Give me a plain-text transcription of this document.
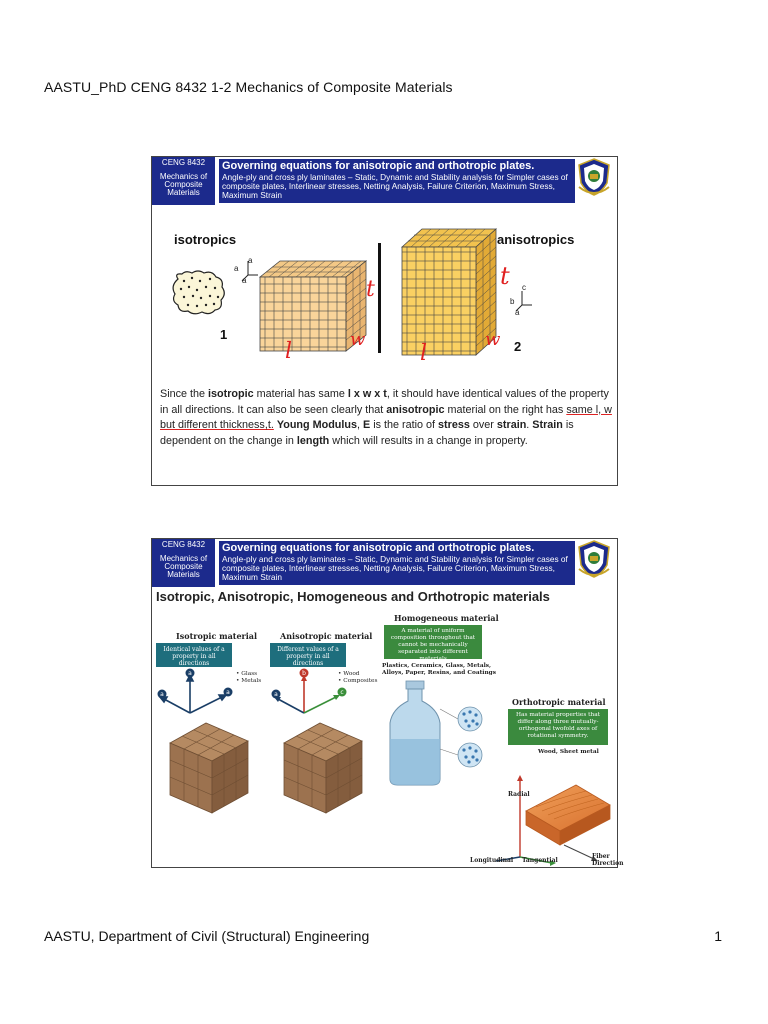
AASTU_PhD CENG 8432 1-2 Mechanics of Composite Materials
AASTU, Department of Civil (Structural) Engineering	1
CENG 8432
Mechanics of Composite Materials
Governing equations for anisotropic and orthotropic plates.
Angle-ply and cross ply laminates – Static, Dynamic and Stability analysis for Simpler cases of composite plates, Interlinear stresses, Netting Analysis, Failure Criterion, Maximum Stress, Maximum Strain
isotropics	anisotropics
a
a
a	t
l	w
1
t
l
w 2
c
b
a
Since the isotropic material has same l x w x t, it should have identical values of the property in all directions. It can also be seen clearly that anisotropic material on the right has same l, w but different thickness,t. Young Modulus, E is the ratio of stress over strain. Strain is dependent on the change in length which will results in a change in property.
CENG 8432
Mechanics of Composite Materials
Governing equations for anisotropic and orthotropic plates.
Angle-ply and cross ply laminates – Static, Dynamic and Stability analysis for Simpler cases of composite plates, Interlinear stresses, Netting Analysis, Failure Criterion, Maximum Stress, Maximum Strain
Isotropic, Anisotropic, Homogeneous and Orthotropic materials
Isotropic material
Identical values of a property in all directions
• Glass
• Metals
a
a	a
Anisotropic material
Different values of a property in all directions
• Wood
• Composites
b
a	c
Homogeneous material
A material of uniform composition throughout that cannot be mechanically separated into different materials
Plastics, Ceramics, Glass, Metals, Alloys, Paper, Resins, and Coatings
Orthotropic material
Has material properties that differ along three mutually-orthogonal twofold axes of rotational symmetry.
Wood, Sheet metal
Radial
Longitudinal Tangential
Fiber Direction
